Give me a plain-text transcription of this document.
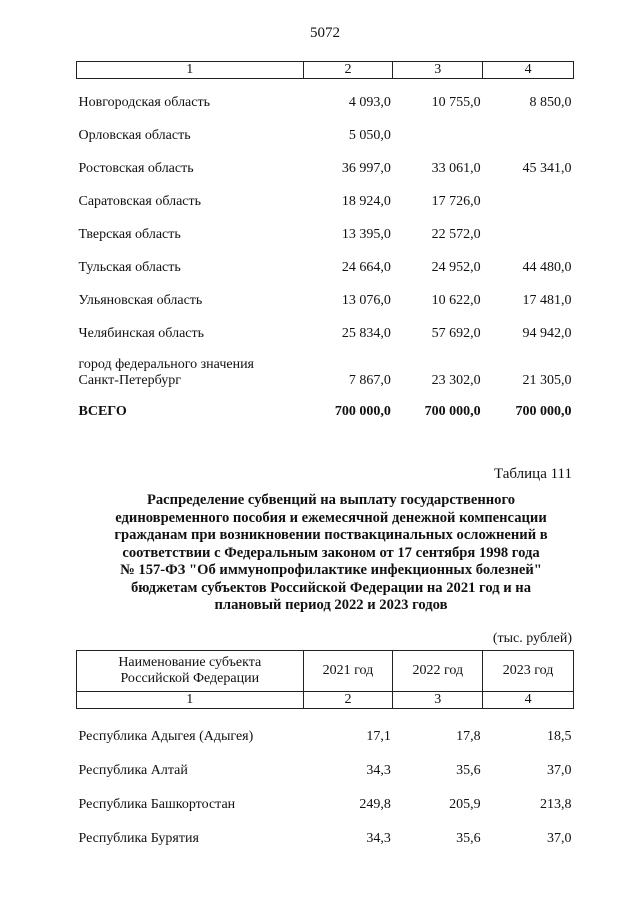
5072
1	2	3	4
Новгородская область	4 093,0	10 755,0	8 850,0
Орловская область	5 050,0		
Ростовская область	36 997,0	33 061,0	45 341,0
Саратовская область	18 924,0	17 726,0	
Тверская область	13 395,0	22 572,0	
Тульская область	24 664,0	24 952,0	44 480,0
Ульяновская область	13 076,0	10 622,0	17 481,0
Челябинская область	25 834,0	57 692,0	94 942,0

город федерального значения
Санкт-Петербург	7 867,0	23 302,0	21 305,0
ВСЕГО	700 000,0	700 000,0	700 000,0
Таблица 111
Распределение субвенций на выплату государственного
единовременного пособия и ежемесячной денежной компенсации
гражданам при возникновении поствакцинальных осложнений в
соответствии с Федеральным законом от 17 сентября 1998 года
№ 157-ФЗ "Об иммунопрофилактике инфекционных болезней"
бюджетам субъектов Российской Федерации на 2021 год и на
плановый период 2022 и 2023 годов
(тыс. рублей)
Наименование субъекта
Российской Федерации	2021 год	2022 год	2023 год
1	2	3	4
Республика Адыгея (Адыгея)	17,1	17,8	18,5
Республика Алтай	34,3	35,6	37,0
Республика Башкортостан	249,8	205,9	213,8
Республика Бурятия	34,3	35,6	37,0
